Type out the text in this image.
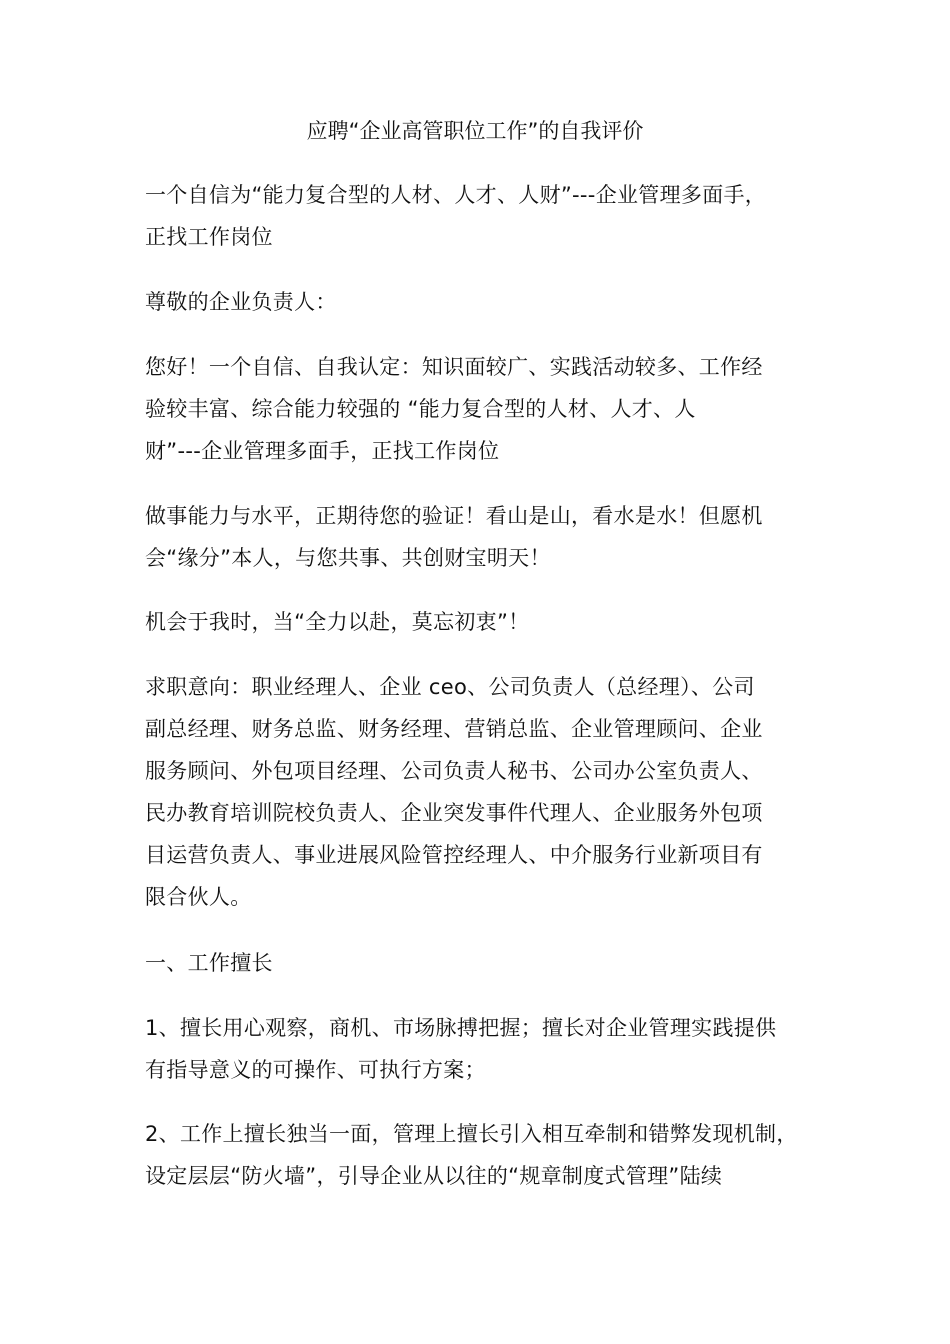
应聘“企业高管职位工作”的自我评价

一个自信为“能力复合型的人材、人才、人财”---企业管理多面手，
正找工作岗位

尊敬的企业负责人：

您好！一个自信、自我认定：知识面较广、实践活动较多、工作经
验较丰富、综合能力较强的 “能力复合型的人材、人才、人
财”---企业管理多面手，正找工作岗位

做事能力与水平，正期待您的验证！看山是山，看水是水！但愿机
会“缘分”本人，与您共事、共创财宝明天！

机会于我时，当“全力以赴，莫忘初衷”！

求职意向：职业经理人、企业 ceo、公司负责人（总经理）、公司
副总经理、财务总监、财务经理、营销总监、企业管理顾问、企业
服务顾问、外包项目经理、公司负责人秘书、公司办公室负责人、
民办教育培训院校负责人、企业突发事件代理人、企业服务外包项
目运营负责人、事业进展风险管控经理人、中介服务行业新项目有
限合伙人。

一、工作擅长

1、擅长用心观察，商机、市场脉搏把握；擅长对企业管理实践提供
有指导意义的可操作、可执行方案；

2、工作上擅长独当一面，管理上擅长引入相互牵制和错弊发现机制，
设定层层“防火墙”，引导企业从以往的“规章制度式管理”陆续
